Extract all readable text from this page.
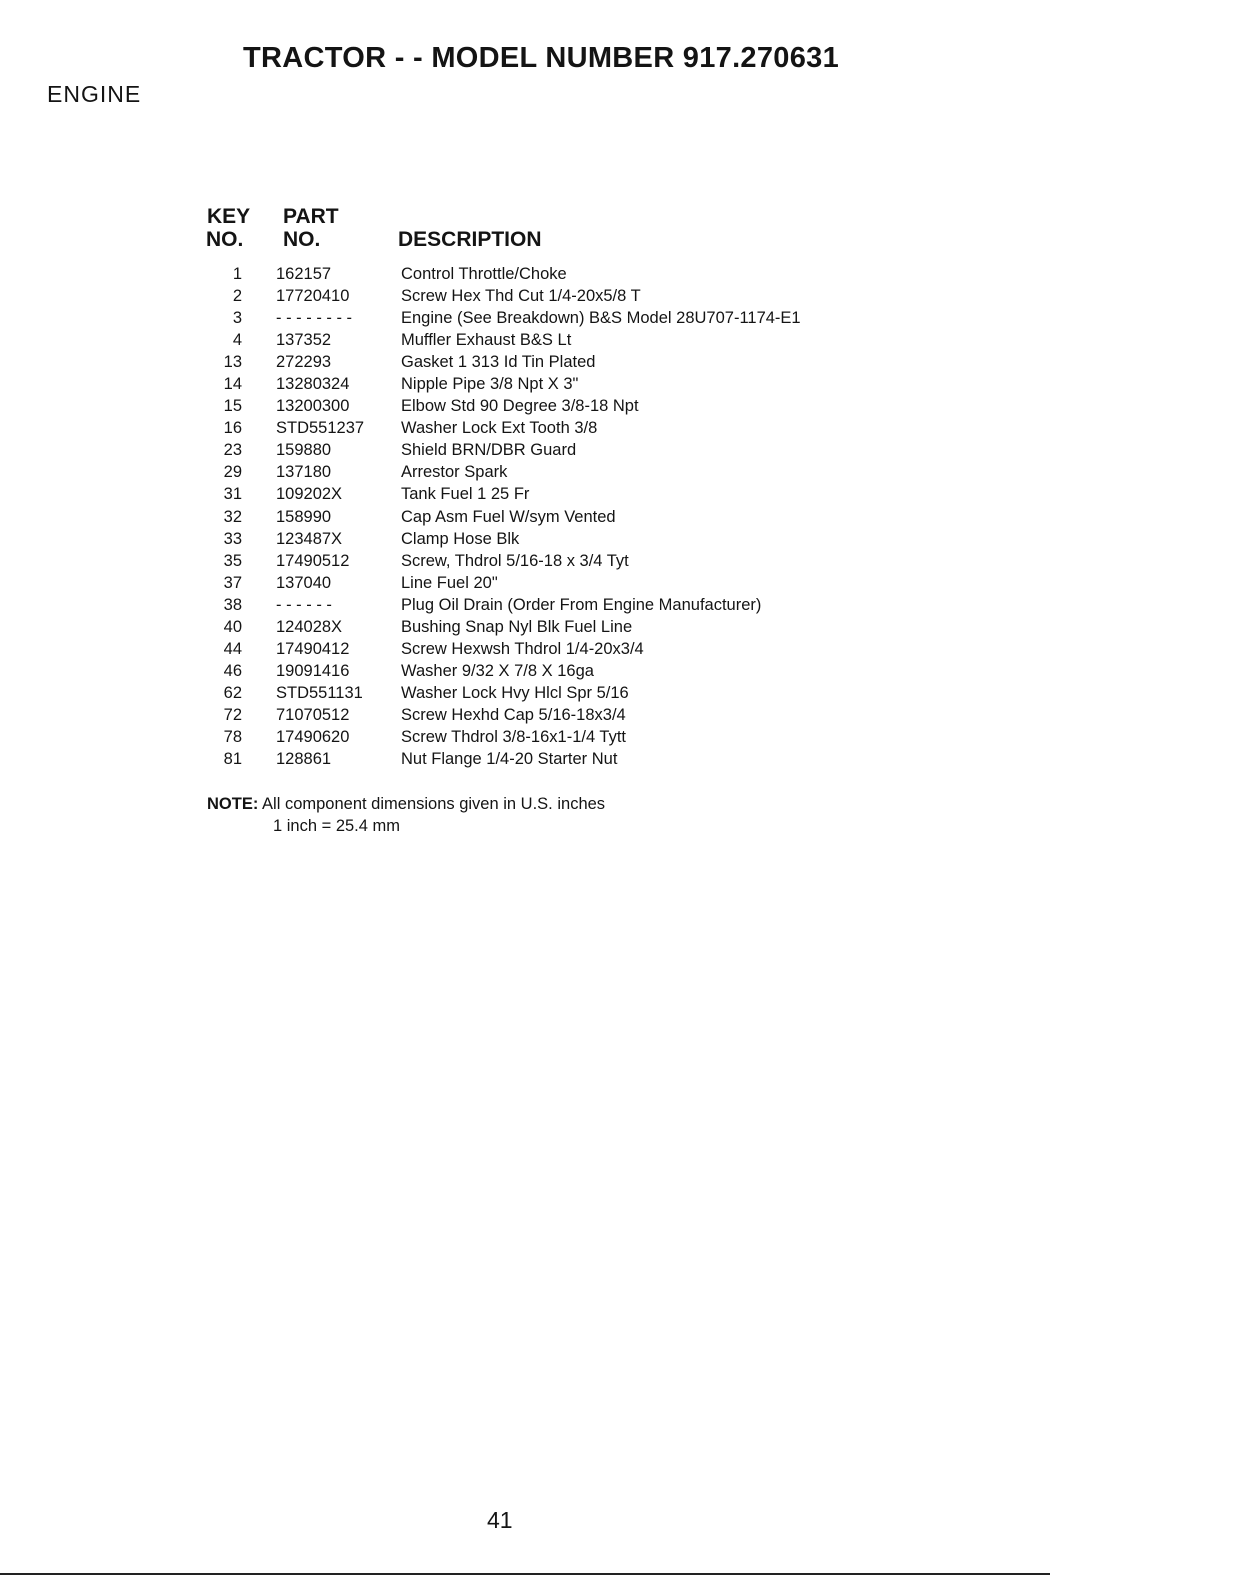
TRACTOR - - MODEL NUMBER 917.270631
ENGINE
KEY
NO.
PART
NO.	DESCRIPTION
1 162157	Control Throttle/Choke
2 17720410	Screw Hex Thd Cut 1/4-20x5/8 T
3 - - - - - - - -	Engine (See Breakdown) B&S Model 28U707-1174-E1
4 137352	Muffler Exhaust B&S Lt
13 272293	Gasket 1 313 Id Tin Plated
14 13280324	Nipple Pipe 3/8 Npt X 3"
15 13200300	Elbow Std 90 Degree 3/8-18 Npt
16 STD551237 Washer Lock Ext Tooth 3/8
23 159880	Shield BRN/DBR Guard
29 137180	Arrestor Spark
31 109202X	Tank Fuel 1 25 Fr
32 158990	Cap Asm Fuel W/sym Vented
33 123487X	Clamp Hose Blk
35 17490512	Screw, Thdrol 5/16-18 x 3/4 Tyt
37 137040	Line Fuel 20"
38 - - - - - -	Plug Oil Drain (Order From Engine Manufacturer)
40 124028X	Bushing Snap Nyl Blk Fuel Line
44 17490412	Screw Hexwsh Thdrol 1/4-20x3/4
46 19091416	Washer 9/32 X 7/8 X 16ga
62 STD551131 Washer Lock Hvy Hlcl Spr 5/16
72 71070512	Screw Hexhd Cap 5/16-18x3/4
78 17490620	Screw Thdrol 3/8-16x1-1/4 Tytt
81 128861	Nut Flange 1/4-20 Starter Nut
NOTE: All component dimensions given in U.S. inches
1 inch = 25.4 mm
41
